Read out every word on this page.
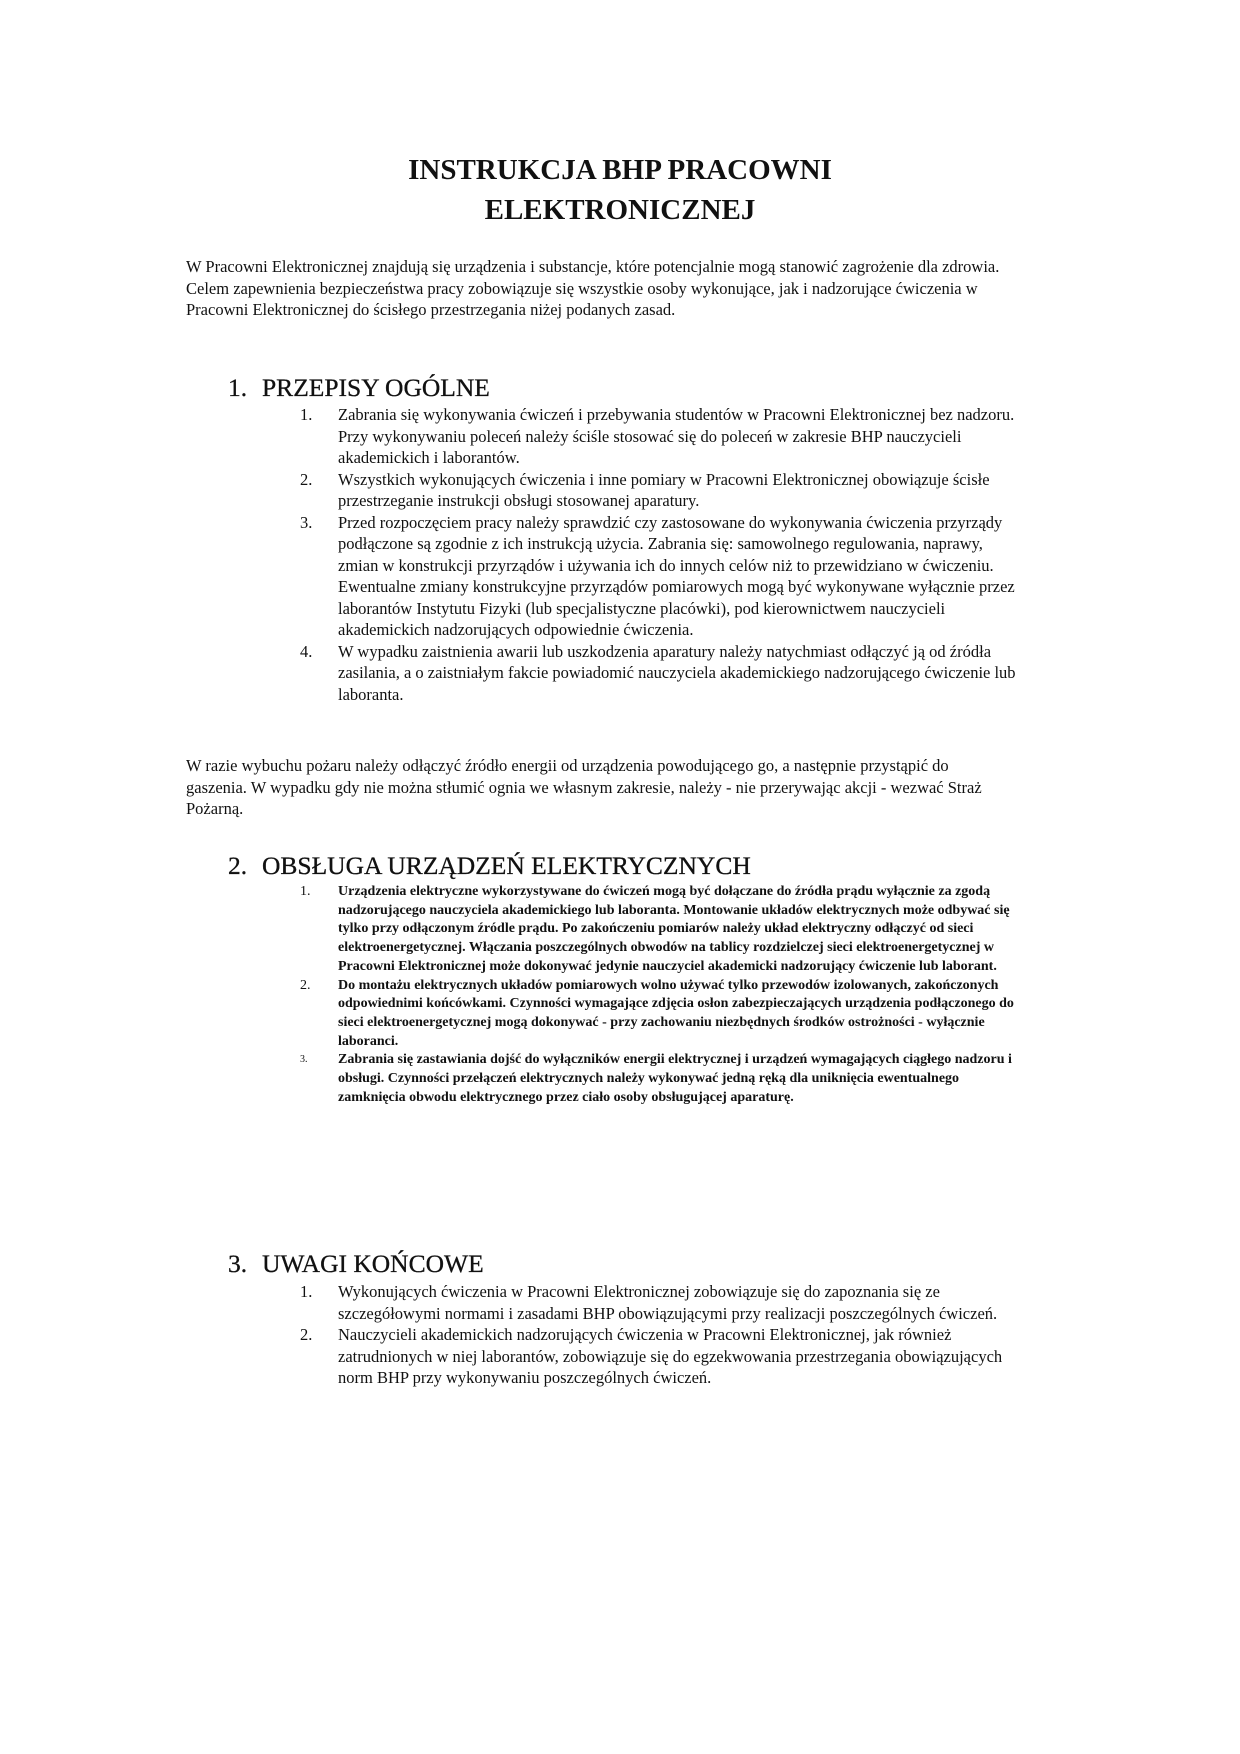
INSTRUKCJA BHP PRACOWNI
ELEKTRONICZNEJ

W Pracowni Elektronicznej znajdują się urządzenia i substancje, które potencjalnie mogą stanowić zagrożenie dla zdrowia. Celem zapewnienia bezpieczeństwa pracy zobowiązuje się wszystkie osoby wykonujące, jak i nadzorujące ćwiczenia w Pracowni Elektronicznej do ścisłego przestrzegania niżej podanych zasad.

1. PRZEPISY OGÓLNE
1. Zabrania się wykonywania ćwiczeń i przebywania studentów w Pracowni Elektronicznej bez nadzoru. Przy wykonywaniu poleceń należy ściśle stosować się do poleceń w zakresie BHP nauczycieli akademickich i laborantów.
2. Wszystkich wykonujących ćwiczenia i inne pomiary w Pracowni Elektronicznej obowiązuje ścisłe przestrzeganie instrukcji obsługi stosowanej aparatury.
3. Przed rozpoczęciem pracy należy sprawdzić czy zastosowane do wykonywania ćwiczenia przyrządy podłączone są zgodnie z ich instrukcją użycia. Zabrania się: samowolnego regulowania, naprawy, zmian w konstrukcji przyrządów i używania ich do innych celów niż to przewidziano w ćwiczeniu. Ewentualne zmiany konstrukcyjne przyrządów pomiarowych mogą być wykonywane wyłącznie przez laborantów Instytutu Fizyki (lub specjalistyczne placówki), pod kierownictwem nauczycieli akademickich nadzorujących odpowiednie ćwiczenia.
4. W wypadku zaistnienia awarii lub uszkodzenia aparatury należy natychmiast odłączyć ją od źródła zasilania, a o zaistniałym fakcie powiadomić nauczyciela akademickiego nadzorującego ćwiczenie lub laboranta.

W razie wybuchu pożaru należy odłączyć źródło energii od urządzenia powodującego go, a następnie przystąpić do gaszenia. W wypadku gdy nie można stłumić ognia we własnym zakresie, należy - nie przerywając akcji - wezwać Straż Pożarną.

2. OBSŁUGA URZĄDZEŃ ELEKTRYCZNYCH
1. Urządzenia elektryczne wykorzystywane do ćwiczeń mogą być dołączane do źródła prądu wyłącznie za zgodą nadzorującego nauczyciela akademickiego lub laboranta. Montowanie układów elektrycznych może odbywać się tylko przy odłączonym źródle prądu. Po zakończeniu pomiarów należy układ elektryczny odłączyć od sieci elektroenergetycznej. Włączania poszczególnych obwodów na tablicy rozdzielczej sieci elektroenergetycznej w Pracowni Elektronicznej może dokonywać jedynie nauczyciel akademicki nadzorujący ćwiczenie lub laborant.
2. Do montażu elektrycznych układów pomiarowych wolno używać tylko przewodów izolowanych, zakończonych odpowiednimi końcówkami. Czynności wymagające zdjęcia osłon zabezpieczających urządzenia podłączonego do sieci elektroenergetycznej mogą dokonywać - przy zachowaniu niezbędnych środków ostrożności - wyłącznie laboranci.
3. Zabrania się zastawiania dojść do wyłączników energii elektrycznej i urządzeń wymagających ciągłego nadzoru i obsługi. Czynności przełączeń elektrycznych należy wykonywać jedną ręką dla uniknięcia ewentualnego zamknięcia obwodu elektrycznego przez ciało osoby obsługującej aparaturę.
3. UWAGI KOŃCOWE
1. Wykonujących ćwiczenia w Pracowni Elektronicznej zobowiązuje się do zapoznania się ze szczegółowymi normami i zasadami BHP obowiązującymi przy realizacji poszczególnych ćwiczeń.
2. Nauczycieli akademickich nadzorujących ćwiczenia w Pracowni Elektronicznej, jak również zatrudnionych w niej laborantów, zobowiązuje się do egzekwowania przestrzegania obowiązujących norm BHP przy wykonywaniu poszczególnych ćwiczeń.
